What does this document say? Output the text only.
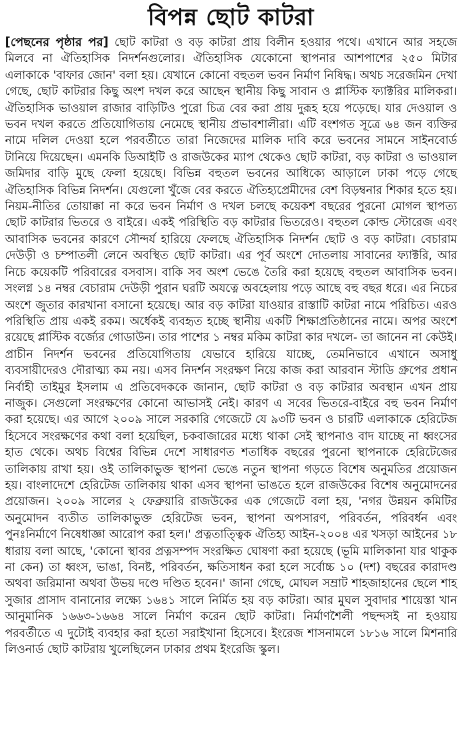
বিপন্ন ছোট কাটরা

[পেছনের পৃষ্ঠার পর] ছোট কাটরা ও বড় কাটরা প্রায় বিলীন হওয়ার পথে। এখানে আর সহজে মিলবে না ঐতিহাসিক নিদর্শনগুলোর। ঐতিহাসিক যেকোনো স্থাপনার আশপাশের ২৫০ মিটার এলাকাকে 'বাফার জোন' বলা হয়। যেখানে কোনো বহুতল ভবন নির্মাণ নিষিদ্ধ। অথচ সরেজমিন দেখা গেছে, ছোট কাটরার কিছু অংশ দখল করে আছেন স্থানীয় কিছু সাবান ও প্লাস্টিক ফ্যাক্টরির মালিকরা। ঐতিহাসিক ভাওয়াল রাজার বাড়িটিও পুরো চিত্র বের করা প্রায় দুরূহ হয়ে পড়েছে। যার দেওয়াল ও ভবন দখল করতে প্রতিযোগিতায় নেমেছে স্থানীয় প্রভাবশালীরা। এটি বংশগত সূত্রে ৬৪ জন ব্যক্তির নামে দলিল দেওয়া হলে পরবর্তীতে তারা নিজেদের মালিক দাবি করে ভবনের সামনে সাইনবোর্ড টানিয়ে দিয়েছেন। এমনকি ডিআইটি ও রাজউকের ম্যাপ থেকেও ছোট কাটরা, বড় কাটরা ও ভাওয়াল জমিদার বাড়ি মুছে ফেলা হয়েছে। বিভিন্ন বহুতল ভবনের আধিক্যে আড়ালে ঢাকা পড়ে গেছে ঐতিহাসিক বিভিন্ন নিদর্শন। যেগুলো খুঁজে বের করতে ঐতিহ্যপ্রেমীদের বেশ বিড়ম্বনার শিকার হতে হয়। নিয়ম-নীতির তোয়াক্কা না করে ভবন নির্মাণ ও দখল চলছে কয়েকশ বছরের পুরনো মোগল স্থাপত্য ছোট কাটরার ভিতরে ও বাইরে। একই পরিস্থিতি বড় কাটরার ভিতরেও। বহুতল কোল্ড স্টোরেজ এবং আবাসিক ভবনের কারণে সৌন্দর্য হারিয়ে ফেলছে ঐতিহাসিক নিদর্শন ছোট ও বড় কাটরা। বেচারাম দেউড়ী ও চম্পাতলী লেনে অবস্থিত ছোট কাটরা। এর পূর্ব অংশে দোতলায় সাবানের ফ্যাক্টরি, আর নিচে কয়েকটি পরিবারের বসবাস। বাকি সব অংশ ভেঙে তৈরি করা হয়েছে বহুতল আবাসিক ভবন। সংলগ্ন ১৪ নম্বর বেচারাম দেউড়ী পুরান ঘরটি অযত্নে অবহেলায় পড়ে আছে বহু বছর ধরে। এর নিচের অংশে জুতার কারখানা বসানো হয়েছে। আর বড় কাটরা যাওয়ার রাস্তাটি কাটরা নামে পরিচিত। এরও পরিস্থিতি প্রায় একই রকম। অর্ধেকই ব্যবহৃত হচ্ছে স্থানীয় একটি শিক্ষাপ্রতিষ্ঠানের নামে। অপর অংশে রয়েছে প্লাস্টিক বর্জ্যের গোডাউন। তার পাশের ১ নম্বর মকিম কাটরা কার দখলে- তা জানেন না কেউই। প্রাচীন নিদর্শন ভবনের প্রতিযোগিতায় যেভাবে হারিয়ে যাচ্ছে, তেমনিভাবে এখানে অসাধু ব্যবসায়ীদেরও দৌরাত্ম্য কম নয়। এসব নিদর্শন সংরক্ষণ নিয়ে কাজ করা আরবান স্টাডি গ্রুপের প্রধান নির্বাহী তাইমুর ইসলাম এ প্রতিবেদককে জানান, ছোট কাটরা ও বড় কাটরার অবস্থান এখন প্রায় নাজুক। সেগুলো সংরক্ষণের কোনো আভাসই নেই। কারণ এ সবের ভিতরে-বাইরে বহু ভবন নির্মাণ করা হয়েছে। এর আগে ২০০৯ সালে সরকারি গেজেটে যে ৯৩টি ভবন ও চারটি এলাকাকে হেরিটেজ হিসেবে সংরক্ষণের কথা বলা হয়েছিল, চকবাজারের মধ্যে থাকা সেই স্থাপনাও বাদ যাচ্ছে না ধ্বংসের হাত থেকে। অথচ বিশ্বের বিভিন্ন দেশে সাধারণত শতাধিক বছরের পুরনো স্থাপনাকে হেরিটেজের তালিকায় রাখা হয়। ওই তালিকাভুক্ত স্থাপনা ভেঙে নতুন স্থাপনা গড়তে বিশেষ অনুমতির প্রয়োজন হয়। বাংলাদেশে হেরিটেজ তালিকায় থাকা এসব স্থাপনা ভাঙতে হলে রাজউকের বিশেষ অনুমোদনের প্রয়োজন। ২০০৯ সালের ২ ফেব্রুয়ারি রাজউকের এক গেজেটে বলা হয়, 'নগর উন্নয়ন কমিটির অনুমোদন ব্যতীত তালিকাভুক্ত হেরিটেজ ভবন, স্থাপনা অপসারণ, পরিবর্তন, পরিবর্ধন এবং পুনঃনির্মাণে নিষেধাজ্ঞা আরোপ করা হল।' প্রত্নতাত্ত্বিক ঐতিহ্য আইন-২০০৪ এর খসড়া আইনের ১৮ ধারায় বলা আছে, 'কোনো স্থাবর প্রত্নসম্পদ সংরক্ষিত ঘোষণা করা হয়েছে (ভূমি মালিকানা যার থাকুক না কেন) তা ধ্বংস, ভাঙা, বিনষ্ট, পরিবর্তন, ক্ষতিসাধন করা হলে সর্বোচ্চ ১০ (দশ) বছরের কারাদণ্ড অথবা জরিমানা অথবা উভয় দণ্ডে দণ্ডিত হবেন।' জানা গেছে, মোঘল সম্রাট শাহজাহানের ছেলে শাহ সুজার প্রাসাদ বানানোর লক্ষ্যে ১৬৪১ সালে নির্মিত হয় বড় কাটরা। আর মুঘল সুবাদার শায়েস্তা খান আনুমানিক ১৬৬৩-১৬৬৪ সালে নির্মাণ করেন ছোট কাটরা। নির্মাণশৈলী পছন্দসই না হওয়ায় পরবর্তীতে এ দুটোই ব্যবহার করা হতো সরাইখানা হিসেবে। ইংরেজ শাসনামলে ১৮১৬ সালে মিশনারি লিওনার্ড ছোট কাটরায় খুলেছিলেন ঢাকার প্রথম ইংরেজি স্কুল।
